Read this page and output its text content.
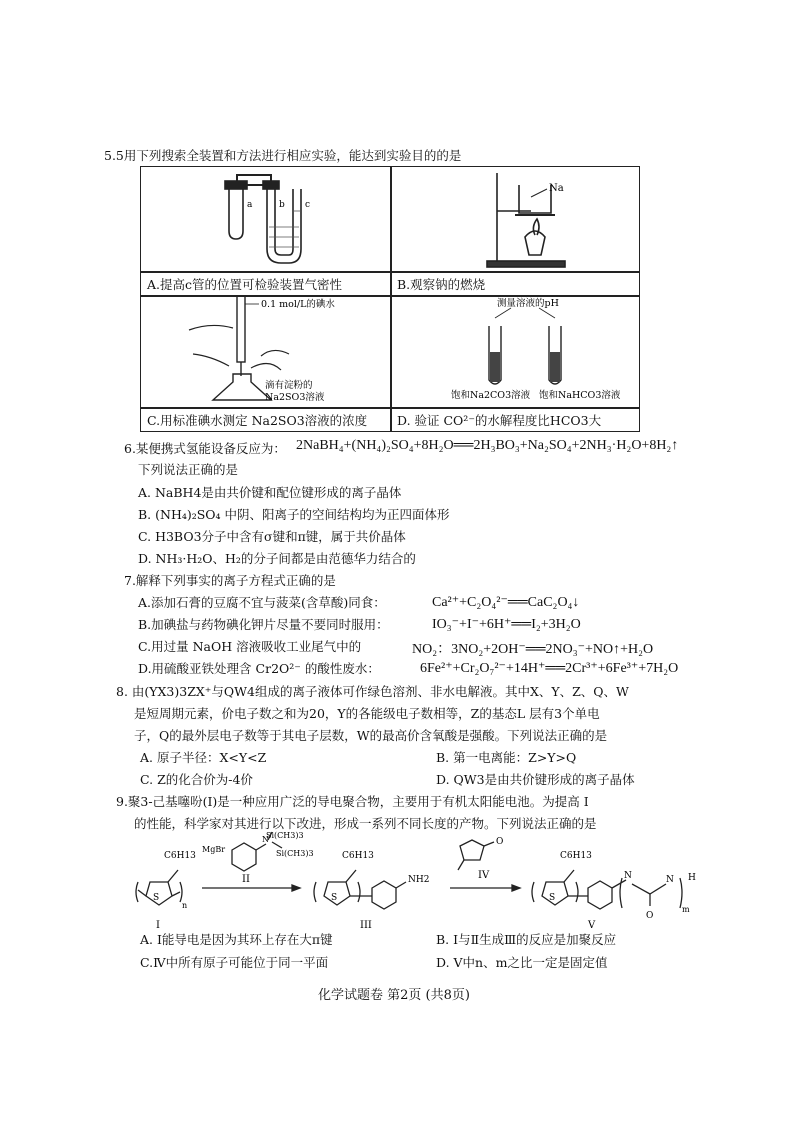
5.5用下列搜索全装置和方法进行相应实验，能达到实验目的的是
a	b c
A.提高c管的位置可检验装置气密性
Na
B.观察钠的燃烧
0.1 mol/L的碘水
滴有淀粉的
Na2SO3溶液
C.用标准碘水测定 Na2SO3溶液的浓度
测量溶液的pH
饱和Na2CO3溶液 饱和NaHCO3溶液
D. 验证 CO²⁻的水解程度比HCO3大
6.某便携式氢能设备反应为： 2NaBH₄+(NH₄)₂SO₄+8H₂O══2H₃BO₃+Na₂SO₄+2NH₃·H₂O+8H₂↑
下列说法正确的是
A. NaBH4是由共价键和配位键形成的离子晶体
B. (NH₄)₂SO₄ 中阴、阳离子的空间结构均为正四面体形
C. H3BO3分子中含有σ键和π键，属于共价晶体
D. NH₃·H₂O、H₂的分子间都是由范德华力结合的
7.解释下列事实的离子方程式正确的是
A.添加石膏的豆腐不宜与菠菜(含草酸)同食：	Ca²⁺+C₂O₄²⁻══CaC₂O₄↓
B.加碘盐与药物碘化钾片尽量不要同时服用：	IO₃⁻+I⁻+6H⁺══I₂+3H₂O
C.用过量 NaOH 溶液吸收工业尾气中的	NO₂：3NO₂+2OH⁻══2NO₃⁻+NO↑+H₂O
D.用硫酸亚铁处理含 Cr2O²⁻ 的酸性废水：	6Fe²⁺+Cr₂O₇²⁻+14H⁺══2Cr³⁺+6Fe³⁺+7H₂O
8. 由(YX3)3ZX⁺与QW4组成的离子液体可作绿色溶剂、非水电解液。其中X、Y、Z、Q、W
是短周期元素，价电子数之和为20，Y的各能级电子数相等，Z的基态L 层有3个单电
子，Q的最外层电子数等于其电子层数，W的最高价含氧酸是强酸。下列说法正确的是
A. 原子半径：X<Y<Z	B. 第一电离能：Z>Y>Q
C. Z的化合价为-4价	D. QW3是由共价键形成的离子晶体
9.聚3-己基噻吩(Ⅰ)是一种应用广泛的导电聚合物，主要用于有机太阳能电池。为提高 I
的性能，科学家对其进行以下改进，形成一系列不同长度的产物。下列说法正确的是
C6H13
S
n
I
MgBr
Si(CH3)3
Si(CH3)3
N
II
C6H13
S
NH2
III
O
IV
C6H13
S
N
O
N H
m
V
A. I能导电是因为其环上存在大π键	B. Ⅰ与Ⅱ生成Ⅲ的反应是加聚反应
C.Ⅳ中所有原子可能位于同一平面	D. V中n、m之比一定是固定值
化学试题卷 第2页 (共8页)
